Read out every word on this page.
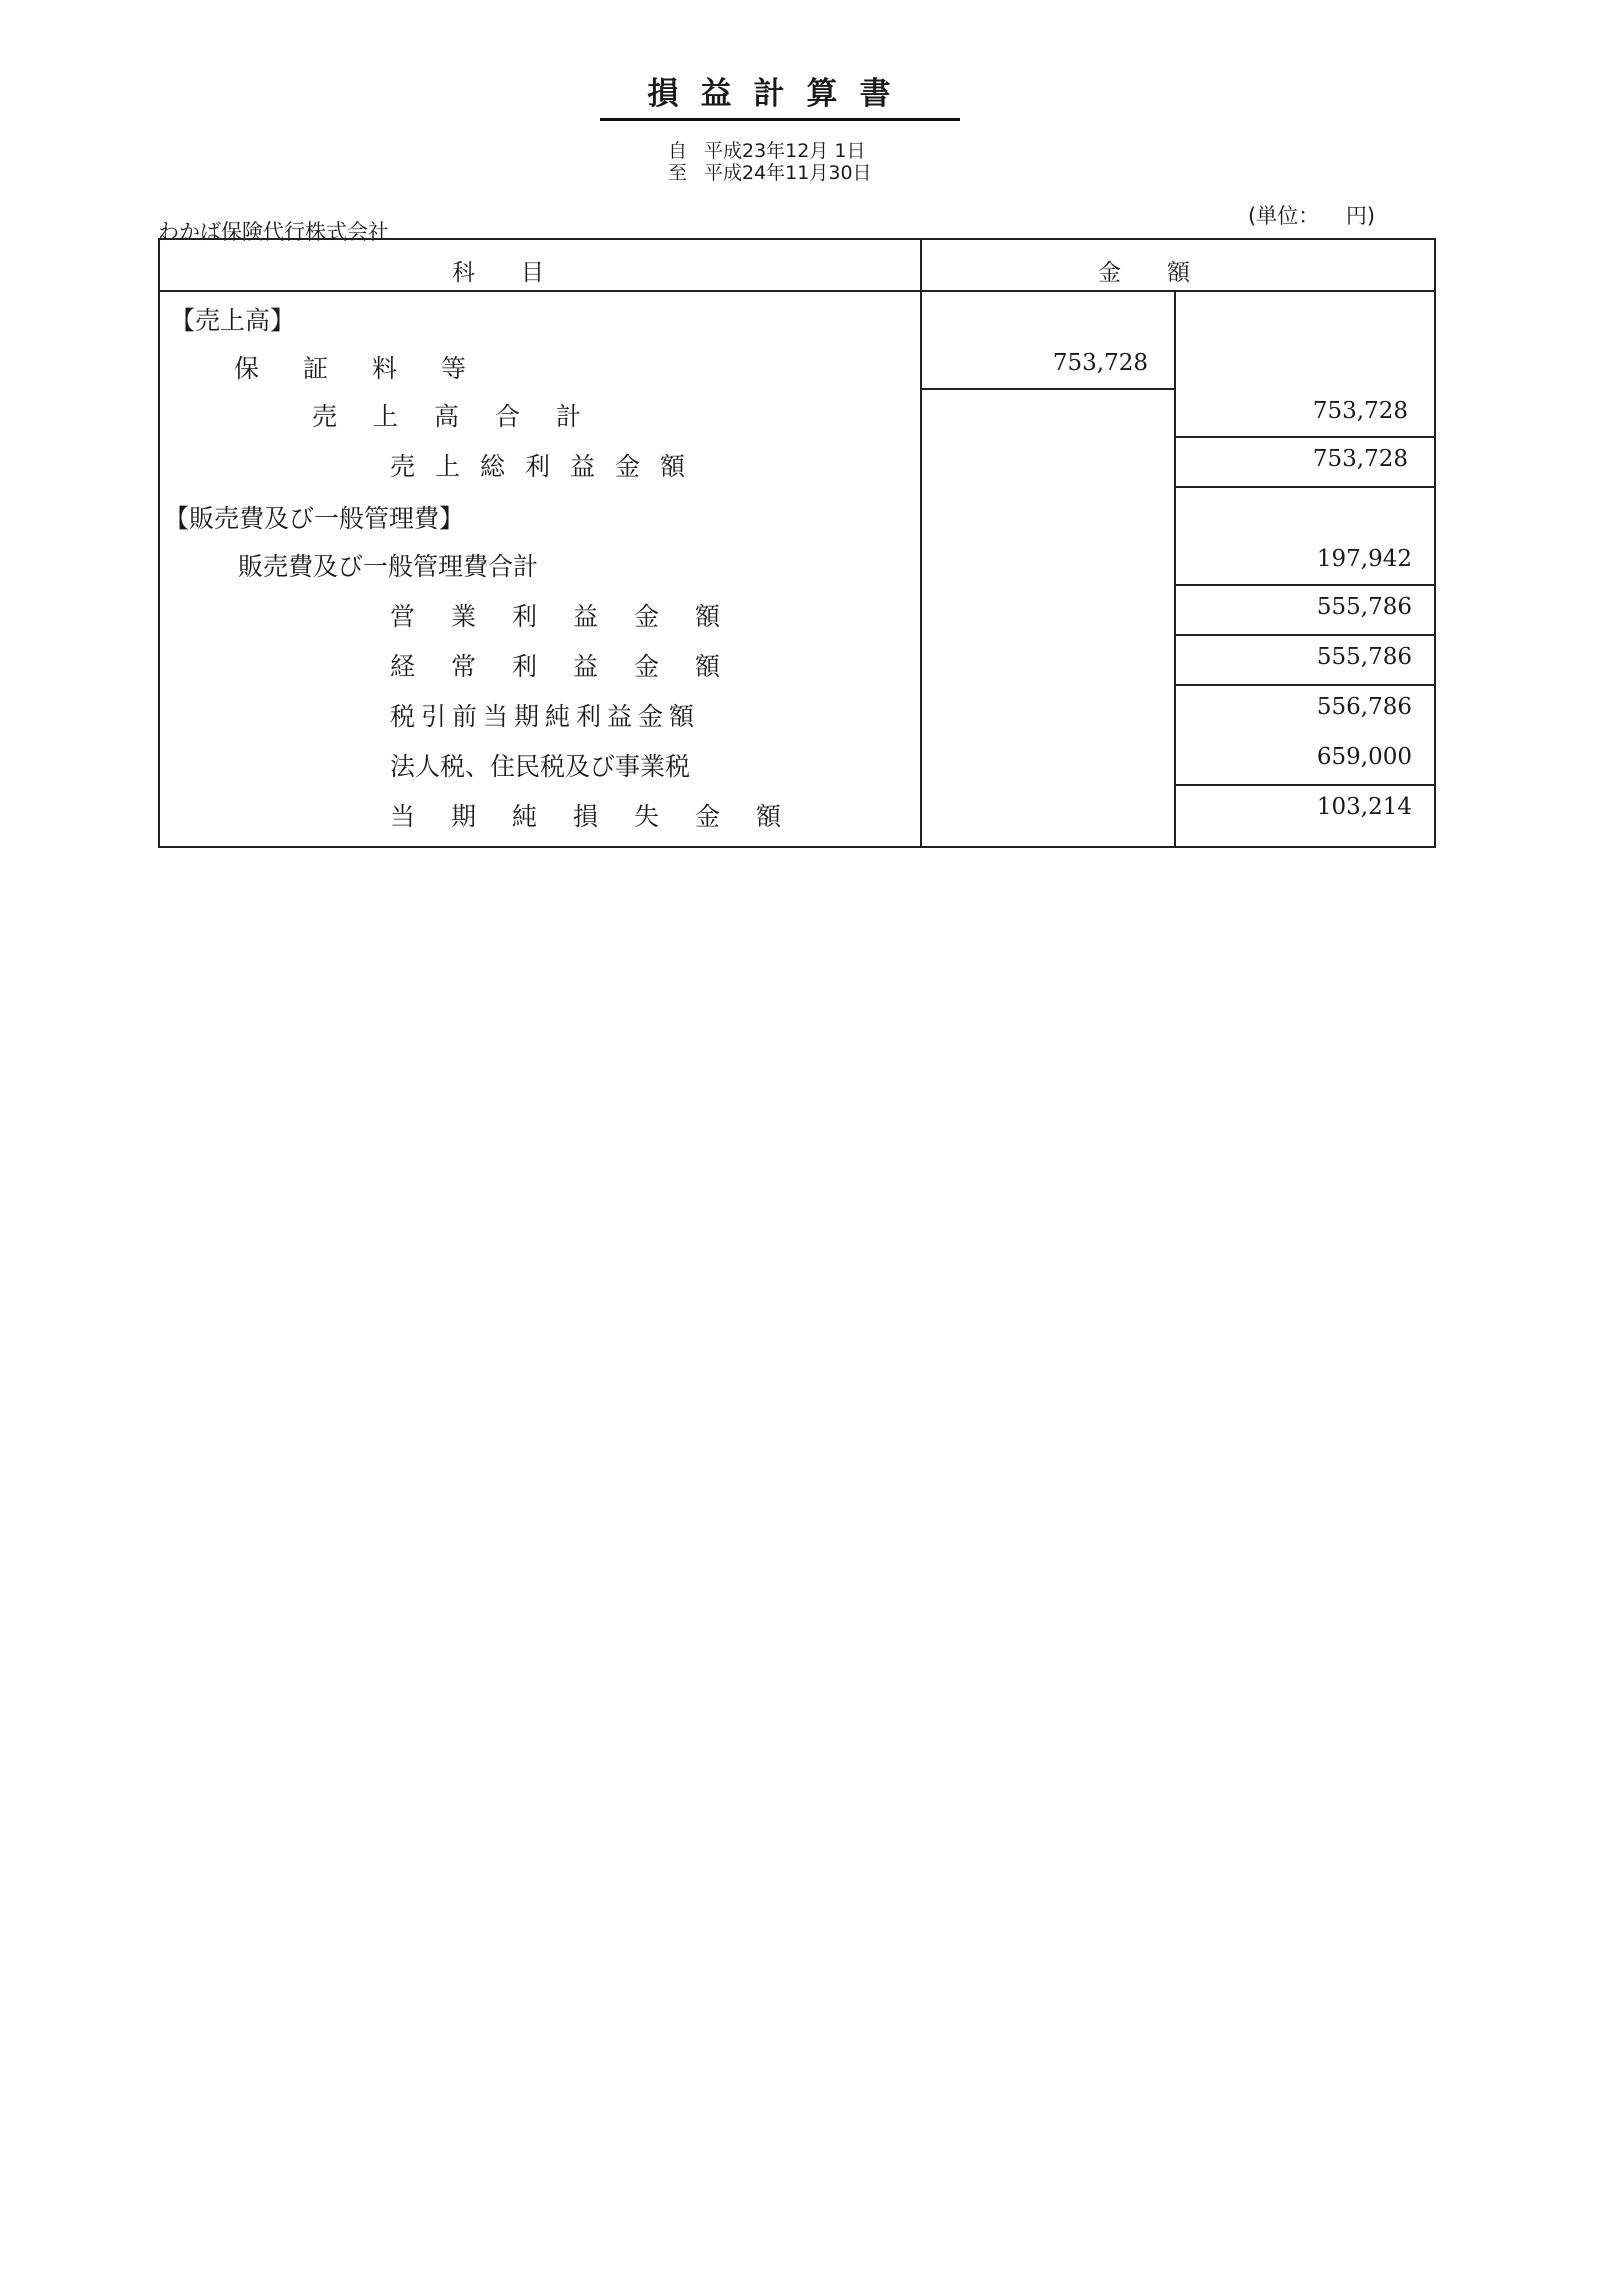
損益計算書
自 平成23年12月 1日
至 平成24年11月30日
わかば保険代行株式会社
(単位：    円)
科　　目	金　　額
【売上高】
保証料等	753,728
売上高合計	753,728
売上総利益金額	753,728
【販売費及び一般管理費】
販売費及び一般管理費合計	197,942
営業利益金額	555,786
経常利益金額	555,786
税引前当期純利益金額	556,786
法人税、住民税及び事業税	659,000
当期純損失金額	103,214
